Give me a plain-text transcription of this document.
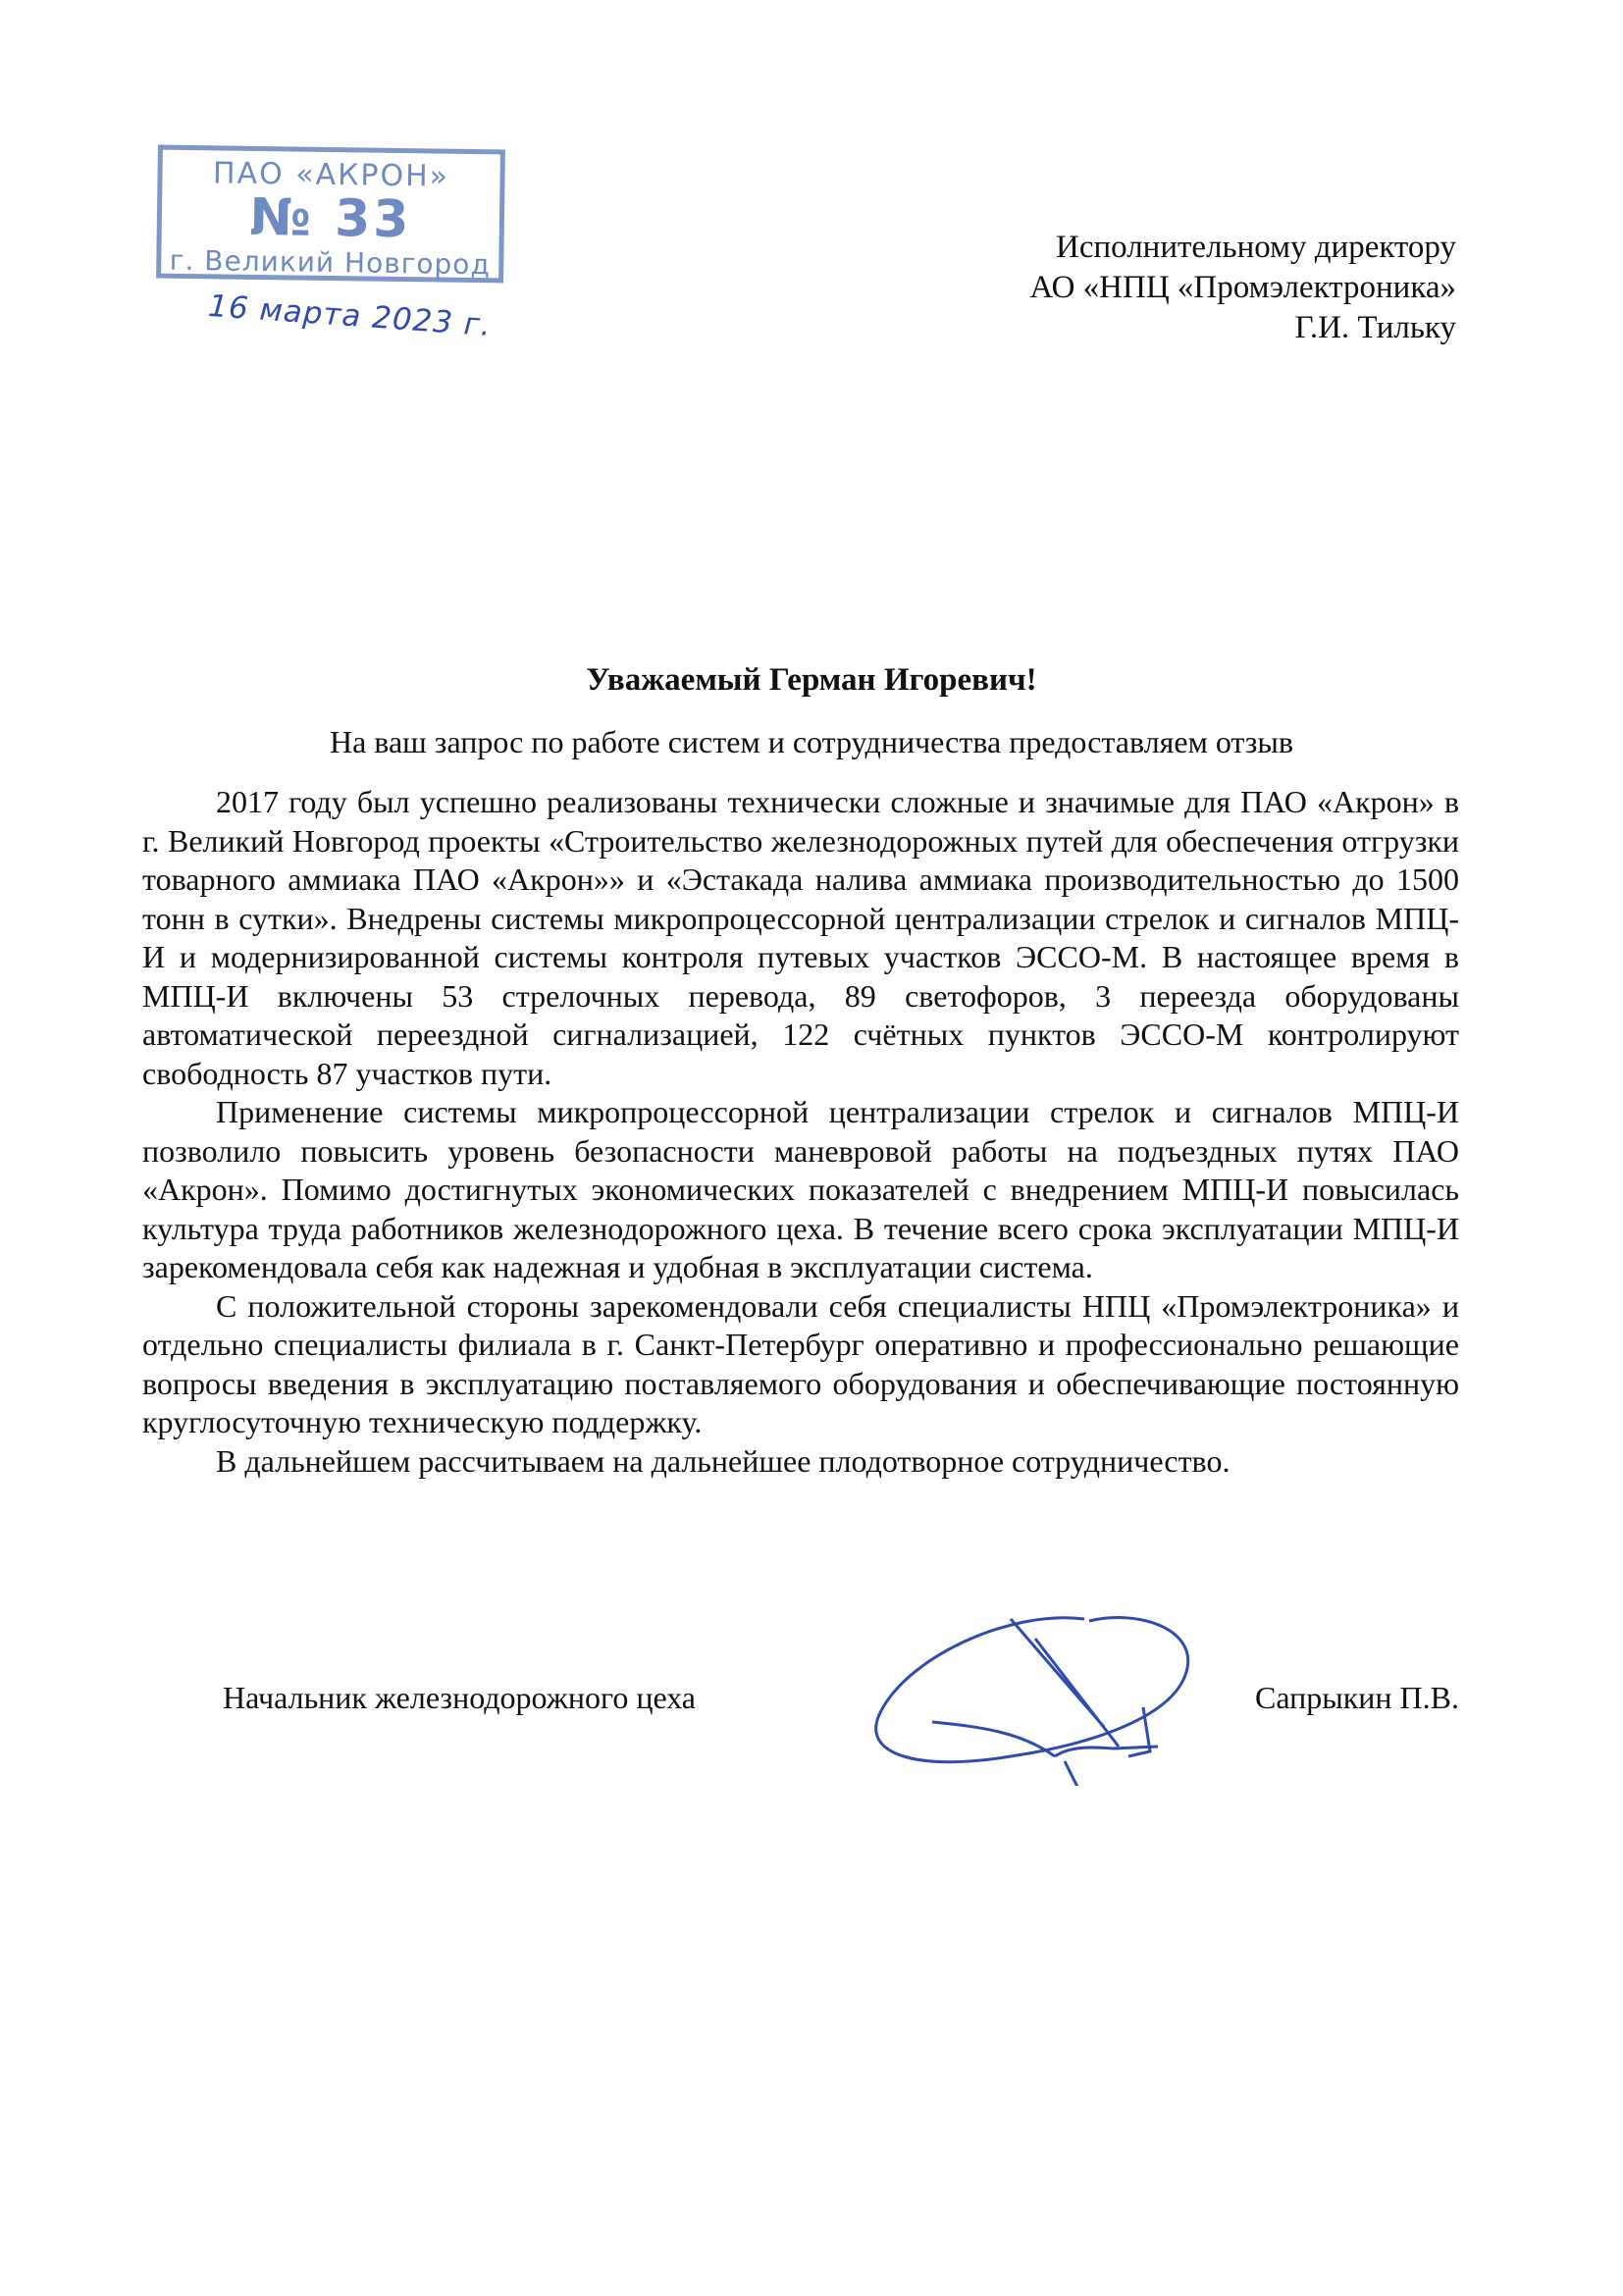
ПАО «АКРОН»
№ 33
г. Великий Новгород
16 марта 2023 г.
Исполнительному директору
АО «НПЦ «Промэлектроника»
Г.И. Тильку
Уважаемый Герман Игоревич!
На ваш запрос по работе систем и сотрудничества предоставляем отзыв

2017 году был успешно реализованы технически сложные и значимые для ПАО «Акрон» в г. Великий Новгород проекты «Строительство железнодорожных путей для обеспечения отгрузки товарного аммиака ПАО «Акрон»» и «Эстакада налива аммиака производительностью до 1500 тонн в сутки». Внедрены системы микропроцессорной централизации стрелок и сигналов МПЦ-И и модернизированной системы контроля путевых участков ЭССО-М. В настоящее время в МПЦ-И включены 53 стрелочных перевода, 89 светофоров, 3 переезда оборудованы автоматической переездной сигнализацией, 122 счётных пунктов ЭССО-М контролируют свободность 87 участков пути.

Применение системы микропроцессорной централизации стрелок и сигналов МПЦ-И позволило повысить уровень безопасности маневровой работы на подъездных путях ПАО «Акрон». Помимо достигнутых экономических показателей с внедрением МПЦ-И повысилась культура труда работников железнодорожного цеха. В течение всего срока эксплуатации МПЦ-И зарекомендовала себя как надежная и удобная в эксплуатации система.

С положительной стороны зарекомендовали себя специалисты НПЦ «Промэлектроника» и отдельно специалисты филиала в г. Санкт-Петербург оперативно и профессионально решающие вопросы введения в эксплуатацию поставляемого оборудования и обеспечивающие постоянную круглосуточную техническую поддержку.

В дальнейшем рассчитываем на дальнейшее плодотворное сотрудничество.

Начальник железнодорожного цеха	Сапрыкин П.В.
